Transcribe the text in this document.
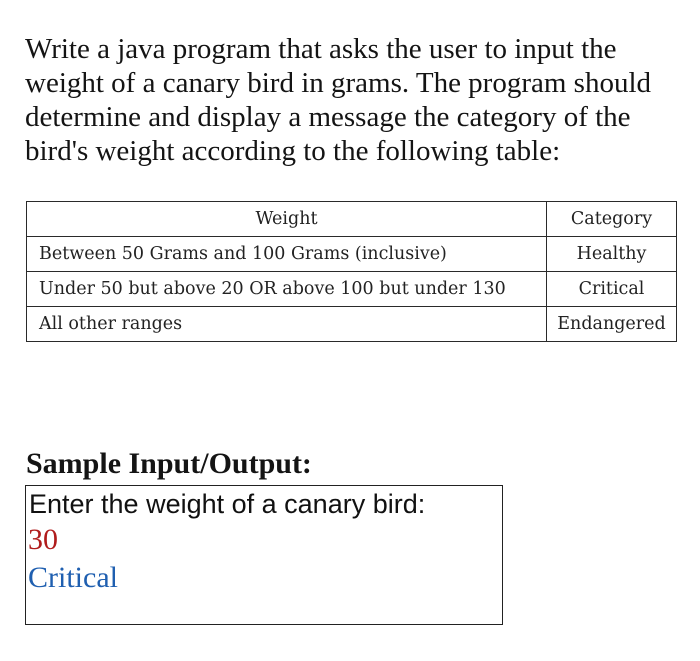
Write a java program that asks the user to input the
weight of a canary bird in grams. The program should
determine and display a message the category of the
bird's weight according to the following table:
Weight	Category
Between 50 Grams and 100 Grams (inclusive)	Healthy
Under 50 but above 20 OR above 100 but under 130	Critical
All other ranges	Endangered
Sample Input/Output:
Enter the weight of a canary bird:
30
Critical
